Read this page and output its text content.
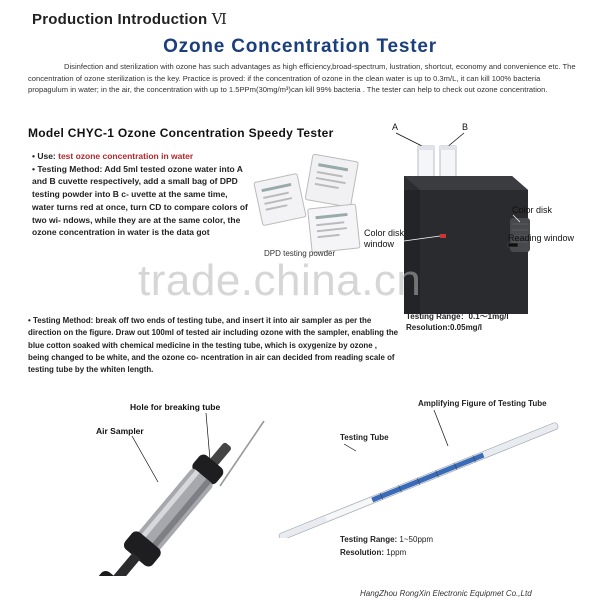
Production Introduction Ⅵ
Ozone Concentration Tester

Disinfection and sterilization with ozone has such advantages as high efficiency,broad-spectrum, lustration, shortcut, economy and convenience etc. The concentration of ozone sterilization is the key. Practice is proved: if the concentration of ozone in the clean water is up to 0.3m/L, it can kill 100% bacteria propagulum in water; in the air, the concentration with up to 1.5PPm(30mg/m³)can kill 99% bacteria . The tester can help to check out ozone concentration.

Model CHYC-1 Ozone Concentration Speedy Tester
• Use: test ozone concentration in water
• Testing Method: Add 5ml tested ozone water into A and B cuvette respectively, add a small bag of DPD testing powder into B c- uvette at the same time, water turns red at once, turn CD to compare colors of two wi- ndows, while they are at the same color, the ozone concentration in water is the data got
DPD testing powder
A	B
Color disk
Color disk window
Reading window
Testing Range：0.1～1mg/l
Resolution:0.05mg/l
• Testing Method: break off two ends of testing tube, and insert it into air sampler as per the direction on the figure. Draw out 100ml of tested air including ozone with the sampler, enabling the blue cotton soaked with chemical medicine in the testing tube, which is oxygenize by ozone , being changed to be white, and the ozone co- ncentration in air can decided from reading scale of testing tube by the whiten length.
Hole for breaking tube
Air Sampler
Testing Tube
Amplifying Figure of Testing Tube
Testing Range: 1~50ppm
Resolution: 1ppm
trade.china.cn
HangZhou RongXin Electronic Equipmet Co.,Ltd
